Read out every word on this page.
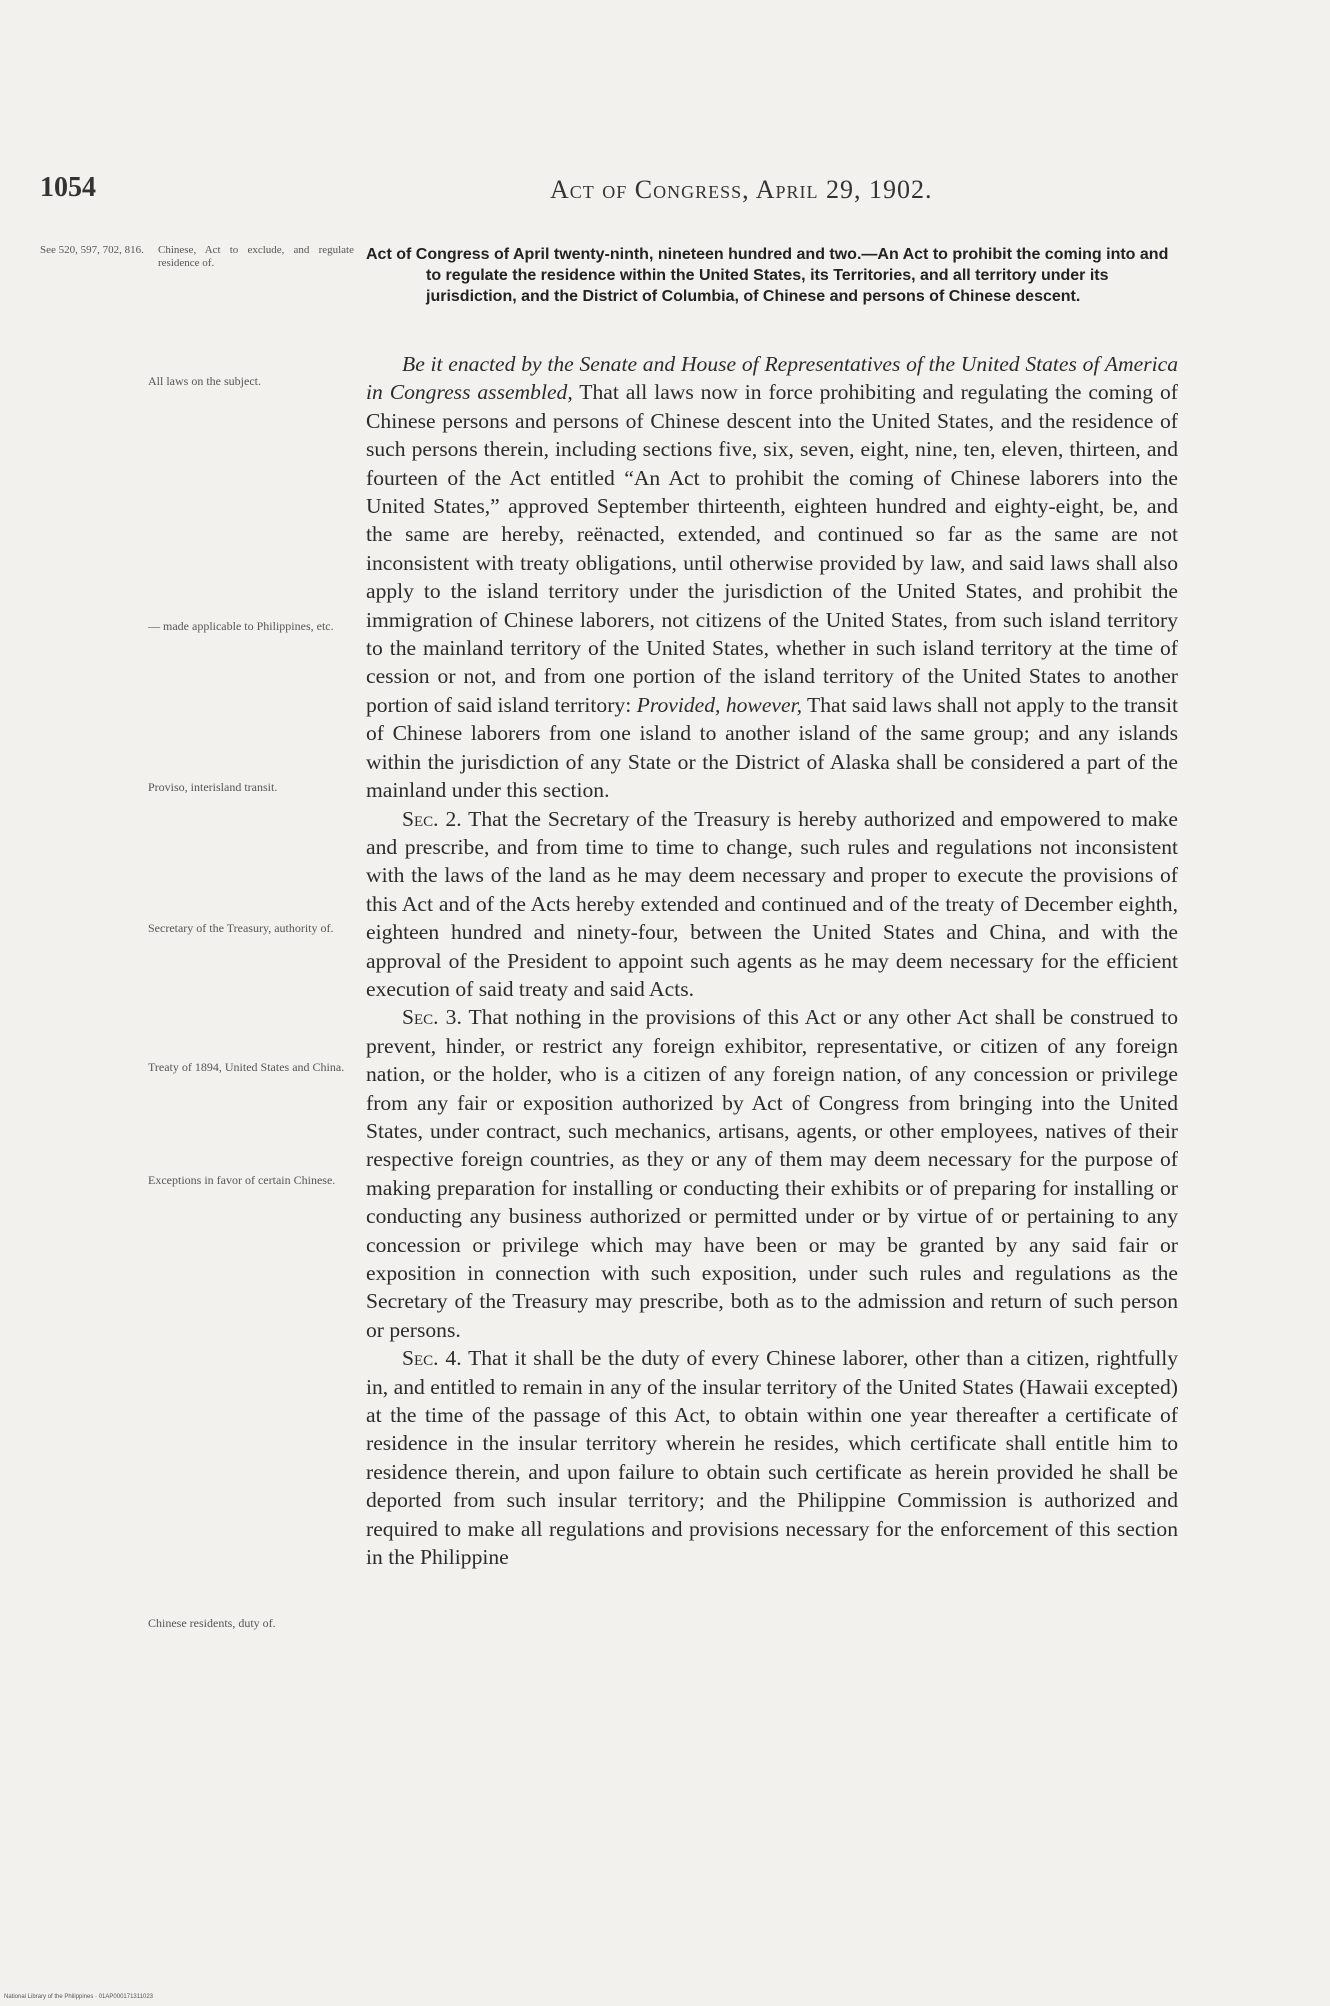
1054	Act of Congress, April 29, 1902.
See 520, 597, 702, 816.	Chinese, Act to exclude, and regulate residence of.	Act of Congress of April twenty-ninth, nineteen hundred and two.—An Act to prohibit the coming into and to regulate the residence within the United States, its Territories, and all territory under its jurisdiction, and the District of Columbia, of Chinese and persons of Chinese descent.
All laws on the subject.
— made applicable to Philippines, etc.
Proviso, interisland transit.
Secretary of the Treasury, authority of.
Treaty of 1894, United States and China.
Exceptions in favor of certain Chinese.
Chinese residents, duty of.

Be it enacted by the Senate and House of Representatives of the United States of America in Congress assembled, That all laws now in force prohibiting and regulating the coming of Chinese persons and persons of Chinese descent into the United States, and the residence of such persons therein, including sections five, six, seven, eight, nine, ten, eleven, thirteen, and fourteen of the Act entitled “An Act to prohibit the coming of Chinese laborers into the United States,” approved September thirteenth, eighteen hundred and eighty-eight, be, and the same are hereby, reënacted, extended, and continued so far as the same are not inconsistent with treaty obligations, until otherwise provided by law, and said laws shall also apply to the island territory under the jurisdiction of the United States, and prohibit the immigration of Chinese laborers, not citizens of the United States, from such island territory to the mainland territory of the United States, whether in such island territory at the time of cession or not, and from one portion of the island territory of the United States to another portion of said island territory: Provided, however, That said laws shall not apply to the transit of Chinese laborers from one island to another island of the same group; and any islands within the jurisdiction of any State or the District of Alaska shall be considered a part of the mainland under this section.

Sec. 2. That the Secretary of the Treasury is hereby authorized and empowered to make and prescribe, and from time to time to change, such rules and regulations not inconsistent with the laws of the land as he may deem necessary and proper to execute the provisions of this Act and of the Acts hereby extended and continued and of the treaty of December eighth, eighteen hundred and ninety-four, between the United States and China, and with the approval of the President to appoint such agents as he may deem necessary for the efficient execution of said treaty and said Acts.

Sec. 3. That nothing in the provisions of this Act or any other Act shall be construed to prevent, hinder, or restrict any foreign exhibitor, representative, or citizen of any foreign nation, or the holder, who is a citizen of any foreign nation, of any concession or privilege from any fair or exposition authorized by Act of Congress from bringing into the United States, under contract, such mechanics, artisans, agents, or other employees, natives of their respective foreign countries, as they or any of them may deem necessary for the purpose of making preparation for installing or conducting their exhibits or of preparing for installing or conducting any business authorized or permitted under or by virtue of or pertaining to any concession or privilege which may have been or may be granted by any said fair or exposition in connection with such exposition, under such rules and regulations as the Secretary of the Treasury may prescribe, both as to the admission and return of such person or persons.

Sec. 4. That it shall be the duty of every Chinese laborer, other than a citizen, rightfully in, and entitled to remain in any of the insular territory of the United States (Hawaii excepted) at the time of the passage of this Act, to obtain within one year thereafter a certificate of residence in the insular territory wherein he resides, which certificate shall entitle him to residence therein, and upon failure to obtain such certificate as herein provided he shall be deported from such insular territory; and the Philippine Commission is authorized and required to make all regulations and provisions necessary for the enforcement of this section in the Philippine

National Library of the Philippines · 01AP000171311023
